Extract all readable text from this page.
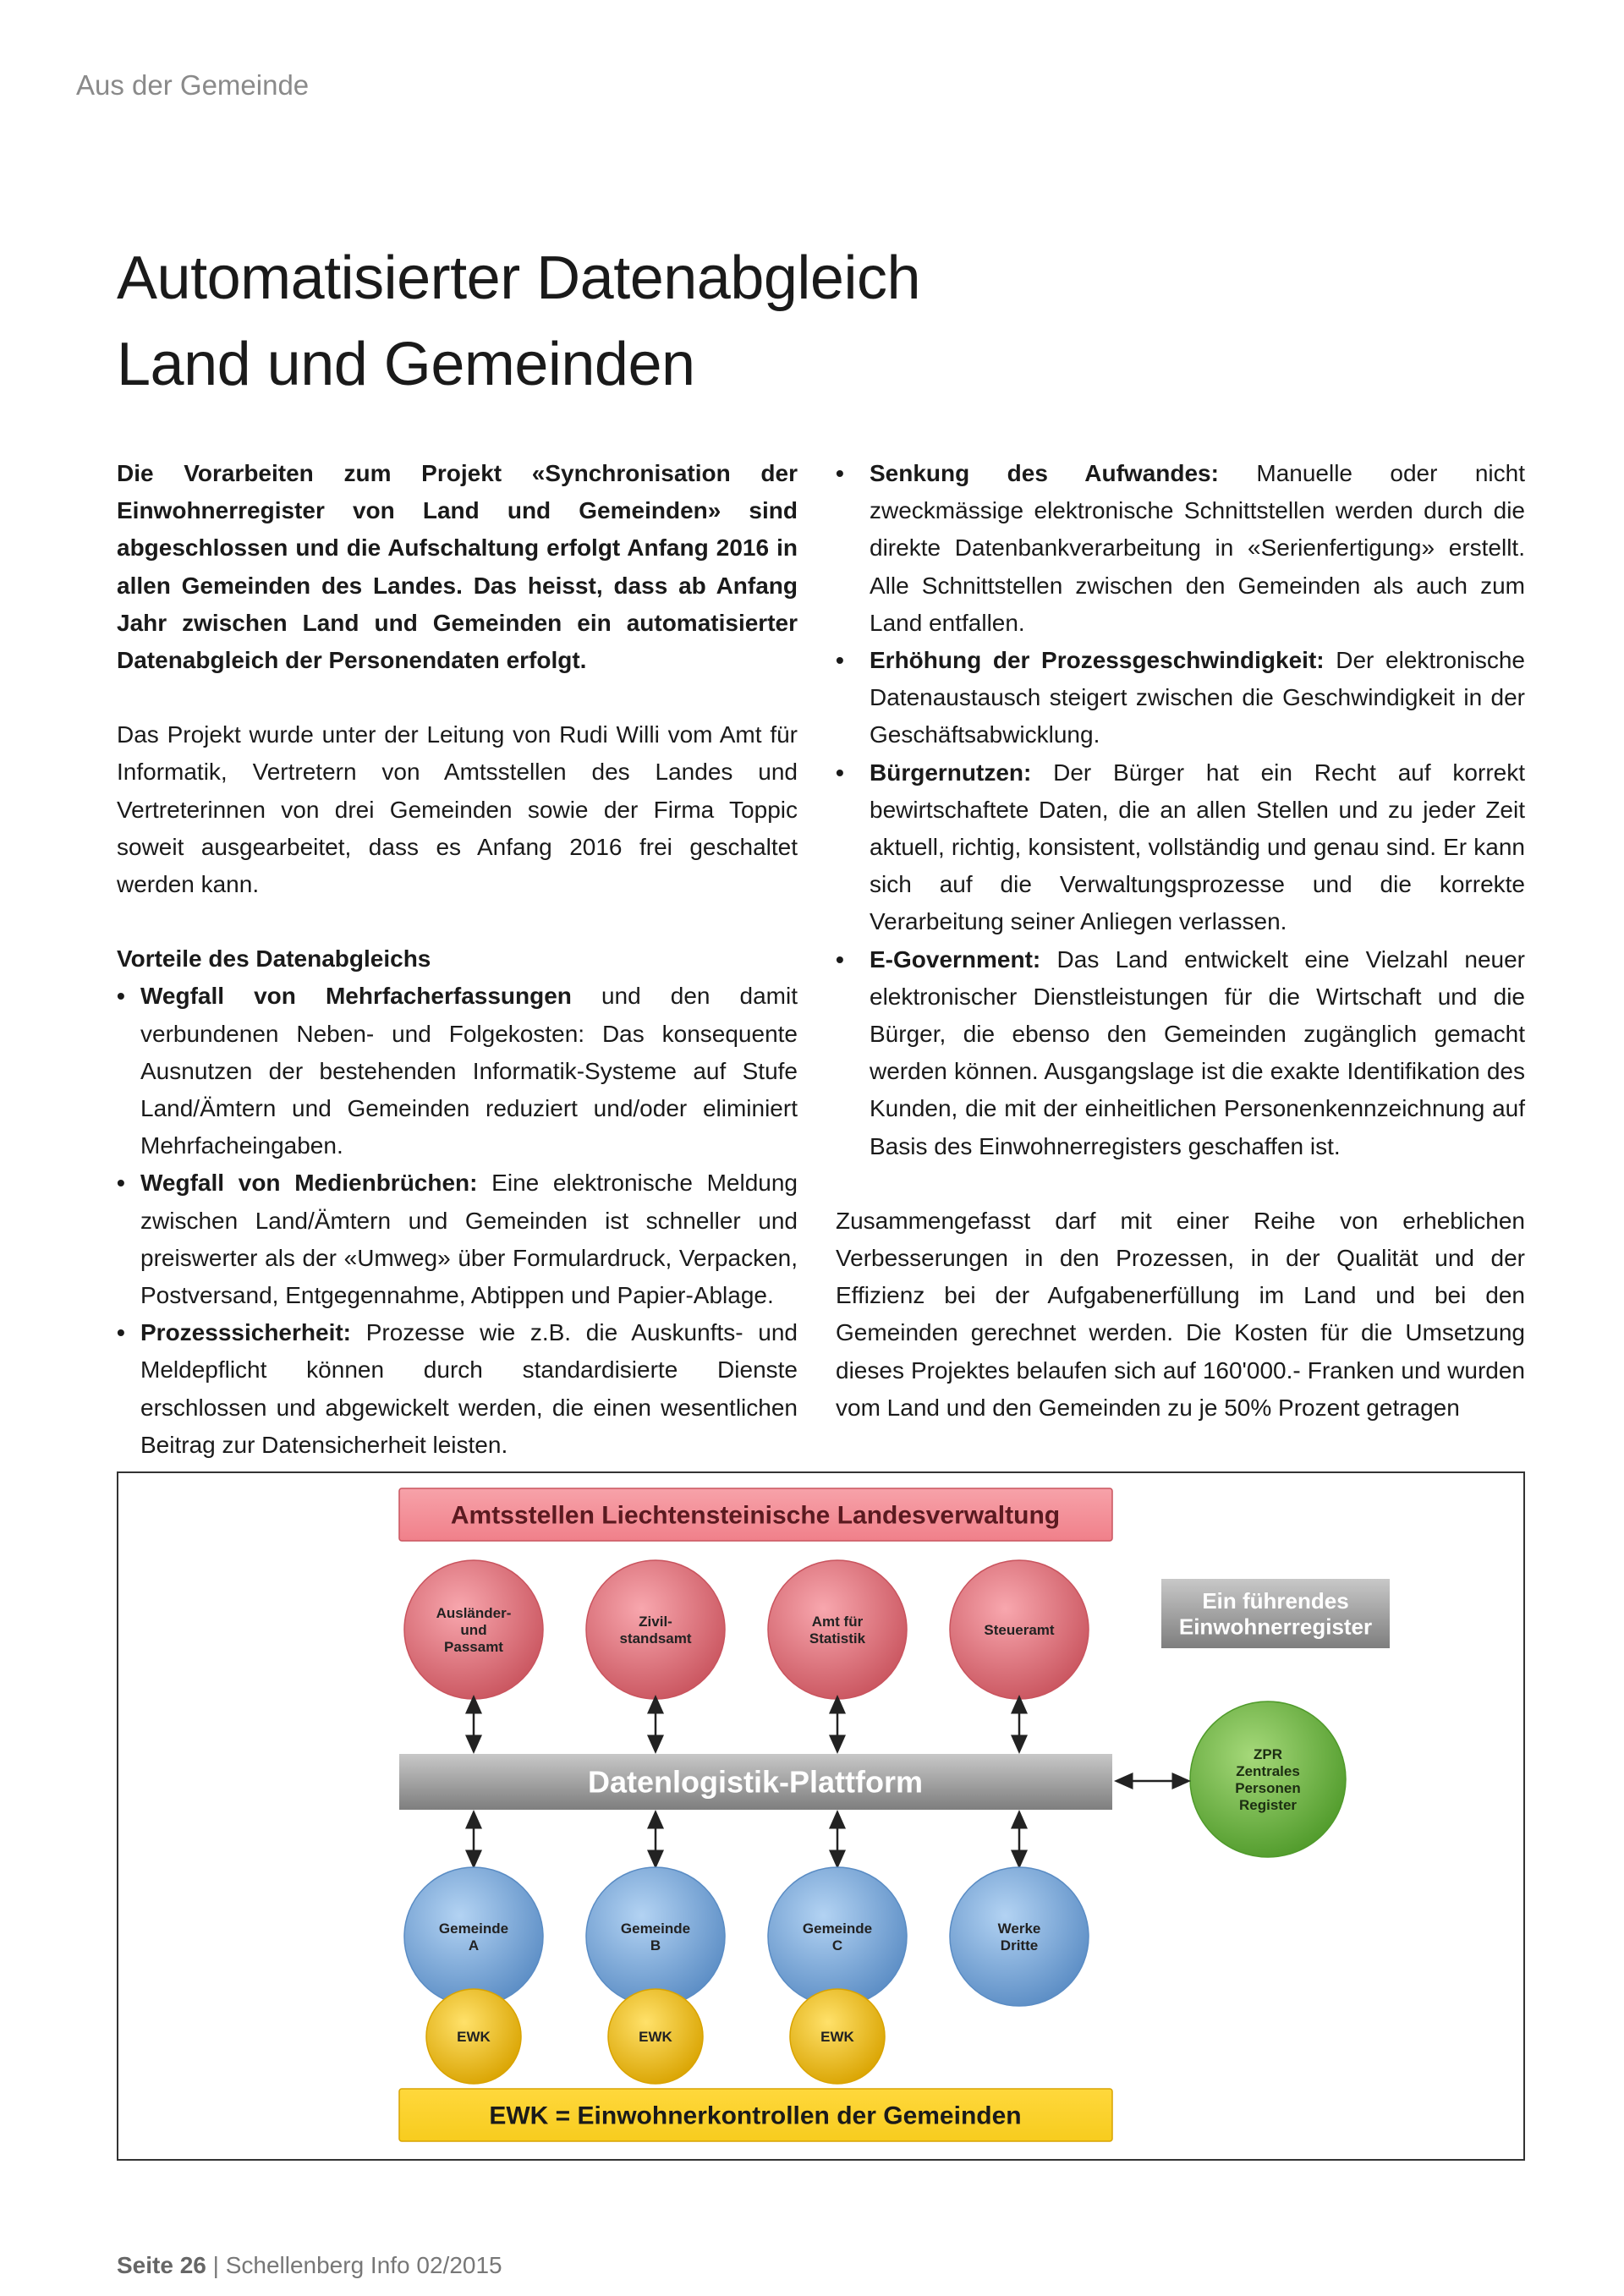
Aus der Gemeinde
Automatisierter Datenabgleich
Land und Gemeinden

Die Vorarbeiten zum Projekt «Synchronisation der Einwohnerregister von Land und Gemeinden» sind abgeschlossen und die Aufschaltung erfolgt Anfang 2016 in allen Gemeinden des Landes. Das heisst, dass ab Anfang Jahr zwischen Land und Gemeinden ein automatisierter Datenabgleich der Personendaten erfolgt.

Das Projekt wurde unter der Leitung von Rudi Willi vom Amt für Informatik, Vertretern von Amtsstellen des Landes und Vertreterinnen von drei Gemeinden sowie der Firma Toppic soweit ausgearbeitet, dass es Anfang 2016 frei geschaltet werden kann.

Vorteile des Datenabgleichs

• Wegfall von Mehrfacherfassungen und den damit verbundenen Neben- und Folgekosten: Das konsequente Ausnutzen der bestehenden Informatik-Systeme auf Stufe Land/Ämtern und Gemeinden reduziert und/oder eliminiert Mehrfacheingaben.
• Wegfall von Medienbrüchen: Eine elektronische Meldung zwischen Land/Ämtern und Gemeinden ist schneller und preiswerter als der «Umweg» über Formulardruck, Verpacken, Postversand, Entgegennahme, Abtippen und Papier-Ablage.
• Prozesssicherheit: Prozesse wie z.B. die Auskunfts- und Meldepflicht können durch standardisierte Dienste erschlossen und abgewickelt werden, die einen wesentlichen Beitrag zur Datensicherheit leisten.
• Senkung des Aufwandes: Manuelle oder nicht zweckmässige elektronische Schnittstellen werden durch die direkte Datenbankverarbeitung in «Serienfertigung» erstellt. Alle Schnittstellen zwischen den Gemeinden als auch zum Land entfallen.
• Erhöhung der Prozessgeschwindigkeit: Der elektronische Datenaustausch steigert zwischen die Geschwindigkeit in der Geschäftsabwicklung.
• Bürgernutzen: Der Bürger hat ein Recht auf korrekt bewirtschaftete Daten, die an allen Stellen und zu jeder Zeit aktuell, richtig, konsistent, vollständig und genau sind. Er kann sich auf die Verwaltungsprozesse und die korrekte Verarbeitung seiner Anliegen verlassen.
• E-Government: Das Land entwickelt eine Vielzahl neuer elektronischer Dienstleistungen für die Wirtschaft und die Bürger, die ebenso den Gemeinden zugänglich gemacht werden können. Ausgangslage ist die exakte Identifikation des Kunden, die mit der einheitlichen Personenkennzeichnung auf Basis des Einwohnerregisters geschaffen ist.

Zusammengefasst darf mit einer Reihe von erheblichen Verbesserungen in den Prozessen, in der Qualität und der Effizienz bei der Aufgabenerfüllung im Land und bei den Gemeinden gerechnet werden. Die Kosten für die Umsetzung dieses Projektes belaufen sich auf 160'000.- Franken und wurden vom Land und den Gemeinden zu je 50% Prozent getragen

Amtsstellen Liechtensteinische Landesverwaltung
Ausländer-
und
Passamt
Zivil-
standsamt
Amt für
Statistik
Steueramt
Ein führendes
Einwohnerregister
Datenlogistik-Plattform
ZPR
Zentrales
Personen
Register
Gemeinde
A
Gemeinde
B
Gemeinde
C
Werke
Dritte
EWK	EWK	EWK
EWK = Einwohnerkontrollen der Gemeinden
Seite 26 | Schellenberg Info 02/2015
